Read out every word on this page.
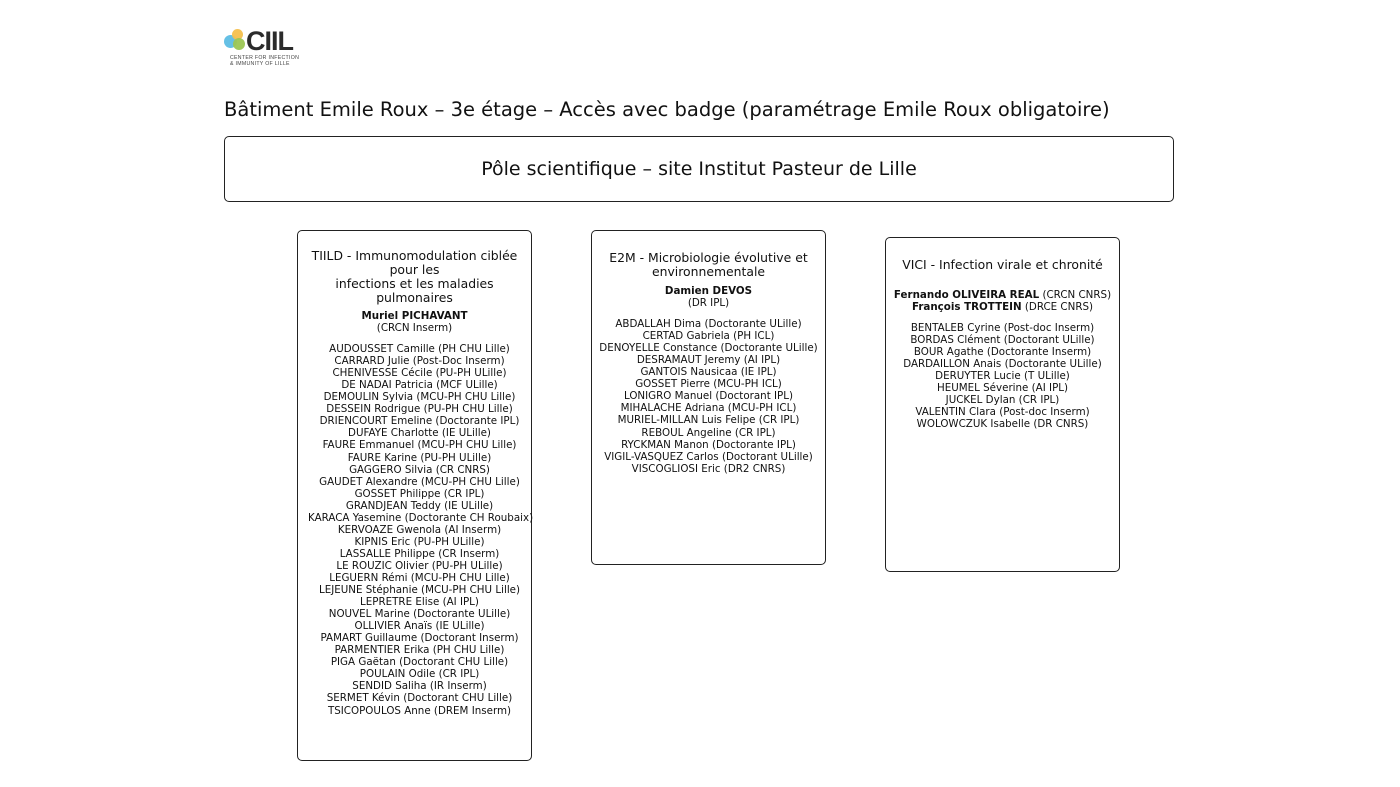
CIIL
CENTER FOR INFECTION
& IMMUNITY OF LILLE
Bâtiment Emile Roux – 3e étage – Accès avec badge (paramétrage Emile Roux obligatoire)
Pôle scientifique – site Institut Pasteur de Lille
TIILD - Immunomodulation ciblée pour les
infections et les maladies pulmonaires
Muriel PICHAVANT
(CRCN Inserm)
AUDOUSSET Camille (PH CHU Lille)
CARRARD Julie (Post-Doc Inserm)
CHENIVESSE Cécile (PU-PH ULille)
DE NADAI Patricia (MCF ULille)
DEMOULIN Sylvia (MCU-PH CHU Lille)
DESSEIN Rodrigue (PU-PH CHU Lille)
DRIENCOURT Emeline (Doctorante IPL)
DUFAYE Charlotte (IE ULille)
FAURE Emmanuel (MCU-PH CHU Lille)
FAURE Karine (PU-PH ULille)
GAGGERO Silvia (CR CNRS)
GAUDET Alexandre (MCU-PH CHU Lille)
GOSSET Philippe (CR IPL)
GRANDJEAN Teddy (IE ULille)
KARACA Yasemine (Doctorante CH Roubaix)
KERVOAZE Gwenola (AI Inserm)
KIPNIS Eric (PU-PH ULille)
LASSALLE Philippe (CR Inserm)
LE ROUZIC Olivier (PU-PH ULille)
LEGUERN Rémi (MCU-PH CHU Lille)
LEJEUNE Stéphanie (MCU-PH CHU Lille)
LEPRETRE Elise (AI IPL)
NOUVEL Marine (Doctorante ULille)
OLLIVIER Anaïs (IE ULille)
PAMART Guillaume (Doctorant Inserm)
PARMENTIER Erika (PH CHU Lille)
PIGA Gaëtan (Doctorant CHU Lille)
POULAIN Odile (CR IPL)
SENDID Saliha (IR Inserm)
SERMET Kévin (Doctorant CHU Lille)
TSICOPOULOS Anne (DREM Inserm)
E2M - Microbiologie évolutive et
environnementale
Damien DEVOS
(DR IPL)
ABDALLAH Dima (Doctorante ULille)
CERTAD Gabriela (PH ICL)
DENOYELLE Constance (Doctorante ULille)
DESRAMAUT Jeremy (AI IPL)
GANTOIS Nausicaa (IE IPL)
GOSSET Pierre (MCU-PH ICL)
LONIGRO Manuel (Doctorant IPL)
MIHALACHE Adriana (MCU-PH ICL)
MURIEL-MILLAN Luis Felipe (CR IPL)
REBOUL Angeline (CR IPL)
RYCKMAN Manon (Doctorante IPL)
VIGIL-VASQUEZ Carlos (Doctorant ULille)
VISCOGLIOSI Eric (DR2 CNRS)
VICI - Infection virale et chronité
Fernando OLIVEIRA REAL (CRCN CNRS)
François TROTTEIN (DRCE CNRS)
BENTALEB Cyrine (Post-doc Inserm)
BORDAS Clément (Doctorant ULille)
BOUR Agathe (Doctorante Inserm)
DARDAILLON Anais (Doctorante ULille)
DERUYTER Lucie (T ULille)
HEUMEL Séverine (AI IPL)
JUCKEL Dylan (CR IPL)
VALENTIN Clara (Post-doc Inserm)
WOLOWCZUK Isabelle (DR CNRS)
